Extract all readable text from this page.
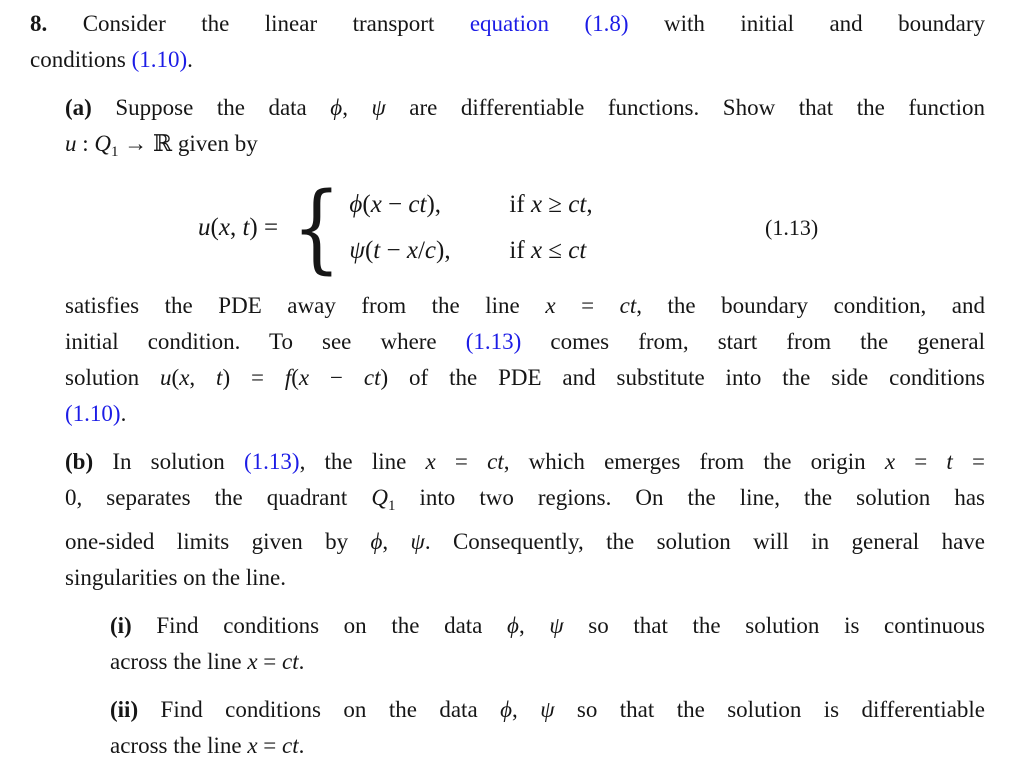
8. Consider the linear transport equation (1.8) with initial and boundary
conditions (1.10).
(a) Suppose the data ϕ, ψ are differentiable functions. Show that the function
u : $Q_1$ → ℝ given by
u(x, t) = { ϕ(x − ct),	if x ≥ ct,
ψ(t − x/c),	if x ≤ ct
(1.13)
satisfies the PDE away from the line x = ct, the boundary condition, and
initial condition. To see where (1.13) comes from, start from the general
solution u(x, t) = f(x − ct) of the PDE and substitute into the side conditions
(1.10).
(b) In solution (1.13), the line x = ct, which emerges from the origin x = t =
0, separates the quadrant $Q_1$ into two regions. On the line, the solution has
one-sided limits given by ϕ, ψ. Consequently, the solution will in general have
singularities on the line.
(i) Find conditions on the data ϕ, ψ so that the solution is continuous
across the line x = ct.
(ii) Find conditions on the data ϕ, ψ so that the solution is differentiable
across the line x = ct.
